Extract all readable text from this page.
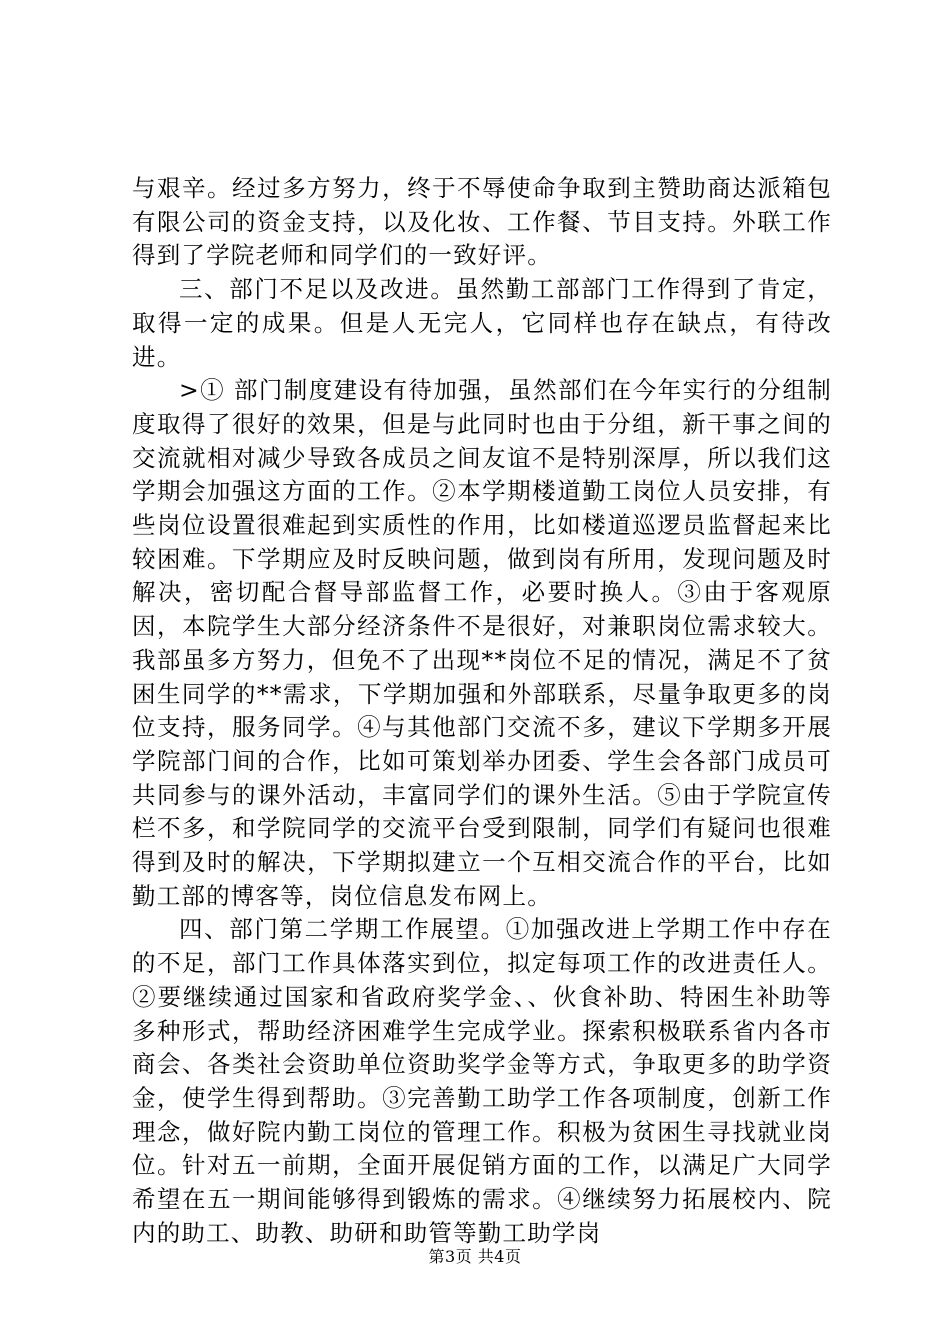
与艰辛。经过多方努力，终于不辱使命争取到主赞助商达派箱包有限公司的资金支持，以及化妆、工作餐、节目支持。外联工作得到了学院老师和同学们的一致好评。

三、部门不足以及改进。虽然勤工部部门工作得到了肯定，取得一定的成果。但是人无完人，它同样也存在缺点，有待改进。

>① 部门制度建设有待加强，虽然部们在今年实行的分组制度取得了很好的效果，但是与此同时也由于分组，新干事之间的交流就相对减少导致各成员之间友谊不是特别深厚，所以我们这学期会加强这方面的工作。②本学期楼道勤工岗位人员安排，有些岗位设置很难起到实质性的作用，比如楼道巡逻员监督起来比较困难。下学期应及时反映问题，做到岗有所用，发现问题及时解决，密切配合督导部监督工作，必要时换人。③由于客观原因，本院学生大部分经济条件不是很好，对兼职岗位需求较大。我部虽多方努力，但免不了出现**岗位不足的情况，满足不了贫困生同学的**需求，下学期加强和外部联系，尽量争取更多的岗位支持，服务同学。④与其他部门交流不多，建议下学期多开展学院部门间的合作，比如可策划举办团委、学生会各部门成员可共同参与的课外活动，丰富同学们的课外生活。⑤由于学院宣传栏不多，和学院同学的交流平台受到限制，同学们有疑问也很难得到及时的解决，下学期拟建立一个互相交流合作的平台，比如勤工部的博客等，岗位信息发布网上。

四、部门第二学期工作展望。①加强改进上学期工作中存在的不足，部门工作具体落实到位，拟定每项工作的改进责任人。②要继续通过国家和省政府奖学金、、伙食补助、特困生补助等多种形式，帮助经济困难学生完成学业。探索积极联系省内各市商会、各类社会资助单位资助奖学金等方式，争取更多的助学资金，使学生得到帮助。③完善勤工助学工作各项制度，创新工作理念，做好院内勤工岗位的管理工作。积极为贫困生寻找就业岗位。针对五一前期，全面开展促销方面的工作，以满足广大同学希望在五一期间能够得到锻炼的需求。④继续努力拓展校内、院内的助工、助教、助研和助管等勤工助学岗

第3页 共4页
